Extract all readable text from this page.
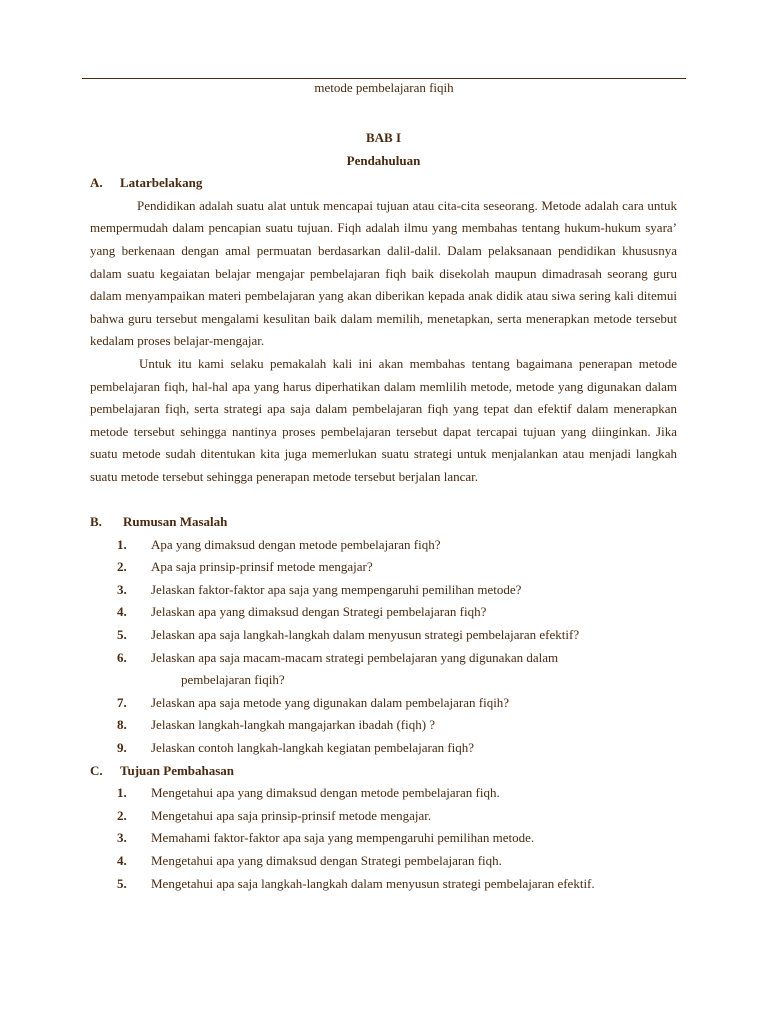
metode pembelajaran fiqih
BAB I
Pendahuluan
A. Latarbelakang

Pendidikan adalah suatu alat untuk mencapai tujuan atau cita-cita seseorang. Metode adalah cara untuk mempermudah dalam pencapian suatu tujuan. Fiqh adalah ilmu yang membahas tentang hukum-hukum syara’ yang berkenaan dengan amal permuatan berdasarkan dalil-dalil. Dalam pelaksanaan pendidikan khususnya dalam suatu kegaiatan belajar mengajar pembelajaran fiqh baik disekolah maupun dimadrasah seorang guru dalam menyampaikan materi pembelajaran yang akan diberikan kepada anak didik atau siwa sering kali ditemui bahwa guru tersebut mengalami kesulitan baik dalam memilih, menetapkan, serta menerapkan metode tersebut kedalam proses belajar-mengajar.

Untuk itu kami selaku pemakalah kali ini akan membahas tentang bagaimana penerapan metode pembelajaran fiqh, hal-hal apa yang harus diperhatikan dalam memlilih metode, metode yang digunakan dalam pembelajaran fiqh, serta strategi apa saja dalam pembelajaran fiqh yang tepat dan efektif dalam menerapkan metode tersebut sehingga nantinya proses pembelajaran tersebut dapat tercapai tujuan yang diinginkan. Jika suatu metode sudah ditentukan kita juga memerlukan suatu strategi untuk menjalankan atau menjadi langkah suatu metode tersebut sehingga penerapan metode tersebut berjalan lancar.

B. Rumusan Masalah
1. Apa yang dimaksud dengan metode pembelajaran fiqh?
2. Apa saja prinsip-prinsif metode mengajar?
3. Jelaskan faktor-faktor apa saja yang mempengaruhi pemilihan metode?
4. Jelaskan apa yang dimaksud dengan Strategi pembelajaran fiqh?
5. Jelaskan apa saja langkah-langkah dalam menyusun strategi pembelajaran efektif?
6. Jelaskan apa saja macam-macam strategi pembelajaran yang digunakan dalam
pembelajaran fiqih?
7. Jelaskan apa saja metode yang digunakan dalam pembelajaran fiqih?
8. Jelaskan langkah-langkah mangajarkan ibadah (fiqh) ?
9. Jelaskan contoh langkah-langkah kegiatan pembelajaran fiqh?
C. Tujuan Pembahasan
1. Mengetahui apa yang dimaksud dengan metode pembelajaran fiqh.
2. Mengetahui apa saja prinsip-prinsif metode mengajar.
3. Memahami faktor-faktor apa saja yang mempengaruhi pemilihan metode.
4. Mengetahui apa yang dimaksud dengan Strategi pembelajaran fiqh.
5. Mengetahui apa saja langkah-langkah dalam menyusun strategi pembelajaran efektif.
